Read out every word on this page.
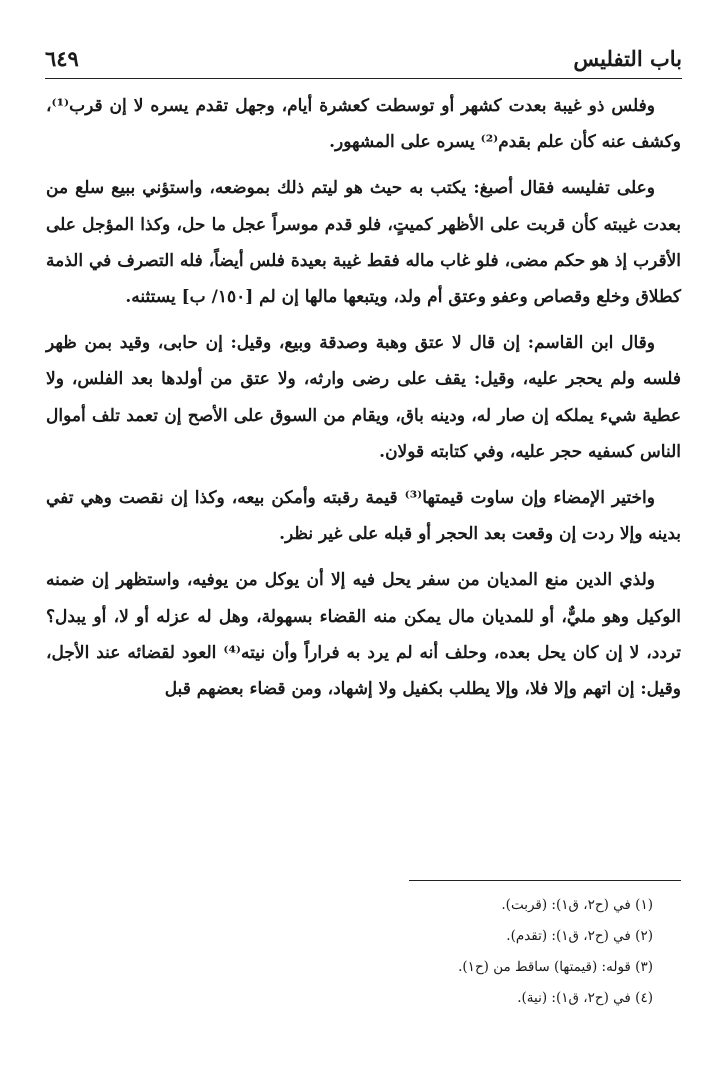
باب التفليس
٦٤٩

وفلس ذو غيبة بعدت كشهر أو توسطت كعشرة أيام، وجهل تقدم يسره لا إن قرب⁽¹⁾، وكشف عنه كأن علم بقدم⁽²⁾ يسره على المشهور.

وعلى تفليسه فقال أصبغ: يكتب به حيث هو ليتم ذلك بموضعه، واستؤني ببيع سلع من بعدت غيبته كأن قربت على الأظهر كميتٍ، فلو قدم موسراً عجل ما حل، وكذا المؤجل على الأقرب إذ هو حكم مضى، فلو غاب ماله فقط غيبة بعيدة فلس أيضاً، فله التصرف في الذمة كطلاق وخلع وقصاص وعفو وعتق أم ولد، ويتبعها مالها إن لم [١٥٠/ ب] يستثنه.

وقال ابن القاسم: إن قال لا عتق وهبة وصدقة وبيع، وقيل: إن حابى، وقيد بمن ظهر فلسه ولم يحجر عليه، وقيل: يقف على رضى وارثه، ولا عتق من أولدها بعد الفلس، ولا عطية شيء يملكه إن صار له، ودينه باق، ويقام من السوق على الأصح إن تعمد تلف أموال الناس كسفيه حجر عليه، وفي كتابته قولان.

واختير الإمضاء وإن ساوت قيمتها⁽³⁾ قيمة رقبته وأمكن بيعه، وكذا إن نقصت وهي تفي بدينه وإلا ردت إن وقعت بعد الحجر أو قبله على غير نظر.

ولذي الدين منع المديان من سفر يحل فيه إلا أن يوكل من يوفيه، واستظهر إن ضمنه الوكيل وهو مليٌّ، أو للمديان مال يمكن منه القضاء بسهولة، وهل له عزله أو لا، أو يبدل؟ تردد، لا إن كان يحل بعده، وحلف أنه لم يرد به فراراً وأن نيته⁽⁴⁾ العود لقضائه عند الأجل، وقيل: إن اتهم وإلا فلا، وإلا يطلب بكفيل ولا إشهاد، ومن قضاء بعضهم قبل

(١) في (ح٢، ق١): (قربت).
(٢) في (ح٢، ق١): (تقدم).
(٣) قوله: (قيمتها) ساقط من (ح١).
(٤) في (ح٢، ق١): (نية).
